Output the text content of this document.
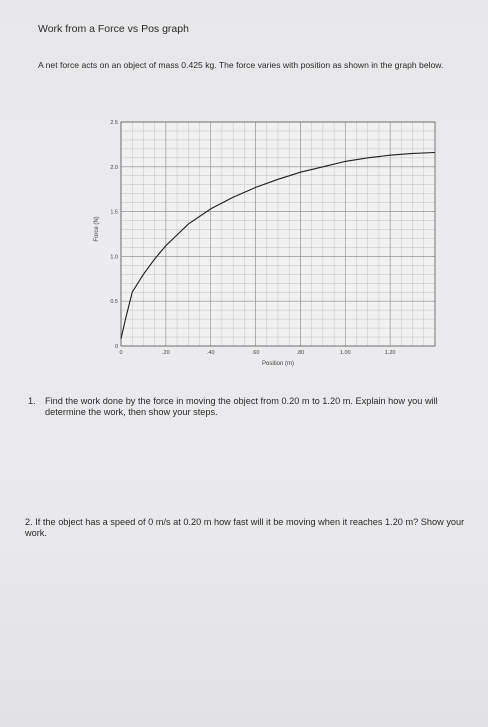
Work from a Force vs Pos graph
A net force acts on an object of mass 0.425 kg. The force varies with position as shown in the graph below.
0
0.5
1.0
1.5
2.0
2.5
0	.20	.40	.60	.80	1.00	1.20
Position (m)
Force (N)
1. Find the work done by the force in moving the object from 0.20 m to 1.20 m. Explain how you will determine the work, then show your steps.
2. If the object has a speed of 0 m/s at 0.20 m how fast will it be moving when it reaches 1.20 m? Show your work.
